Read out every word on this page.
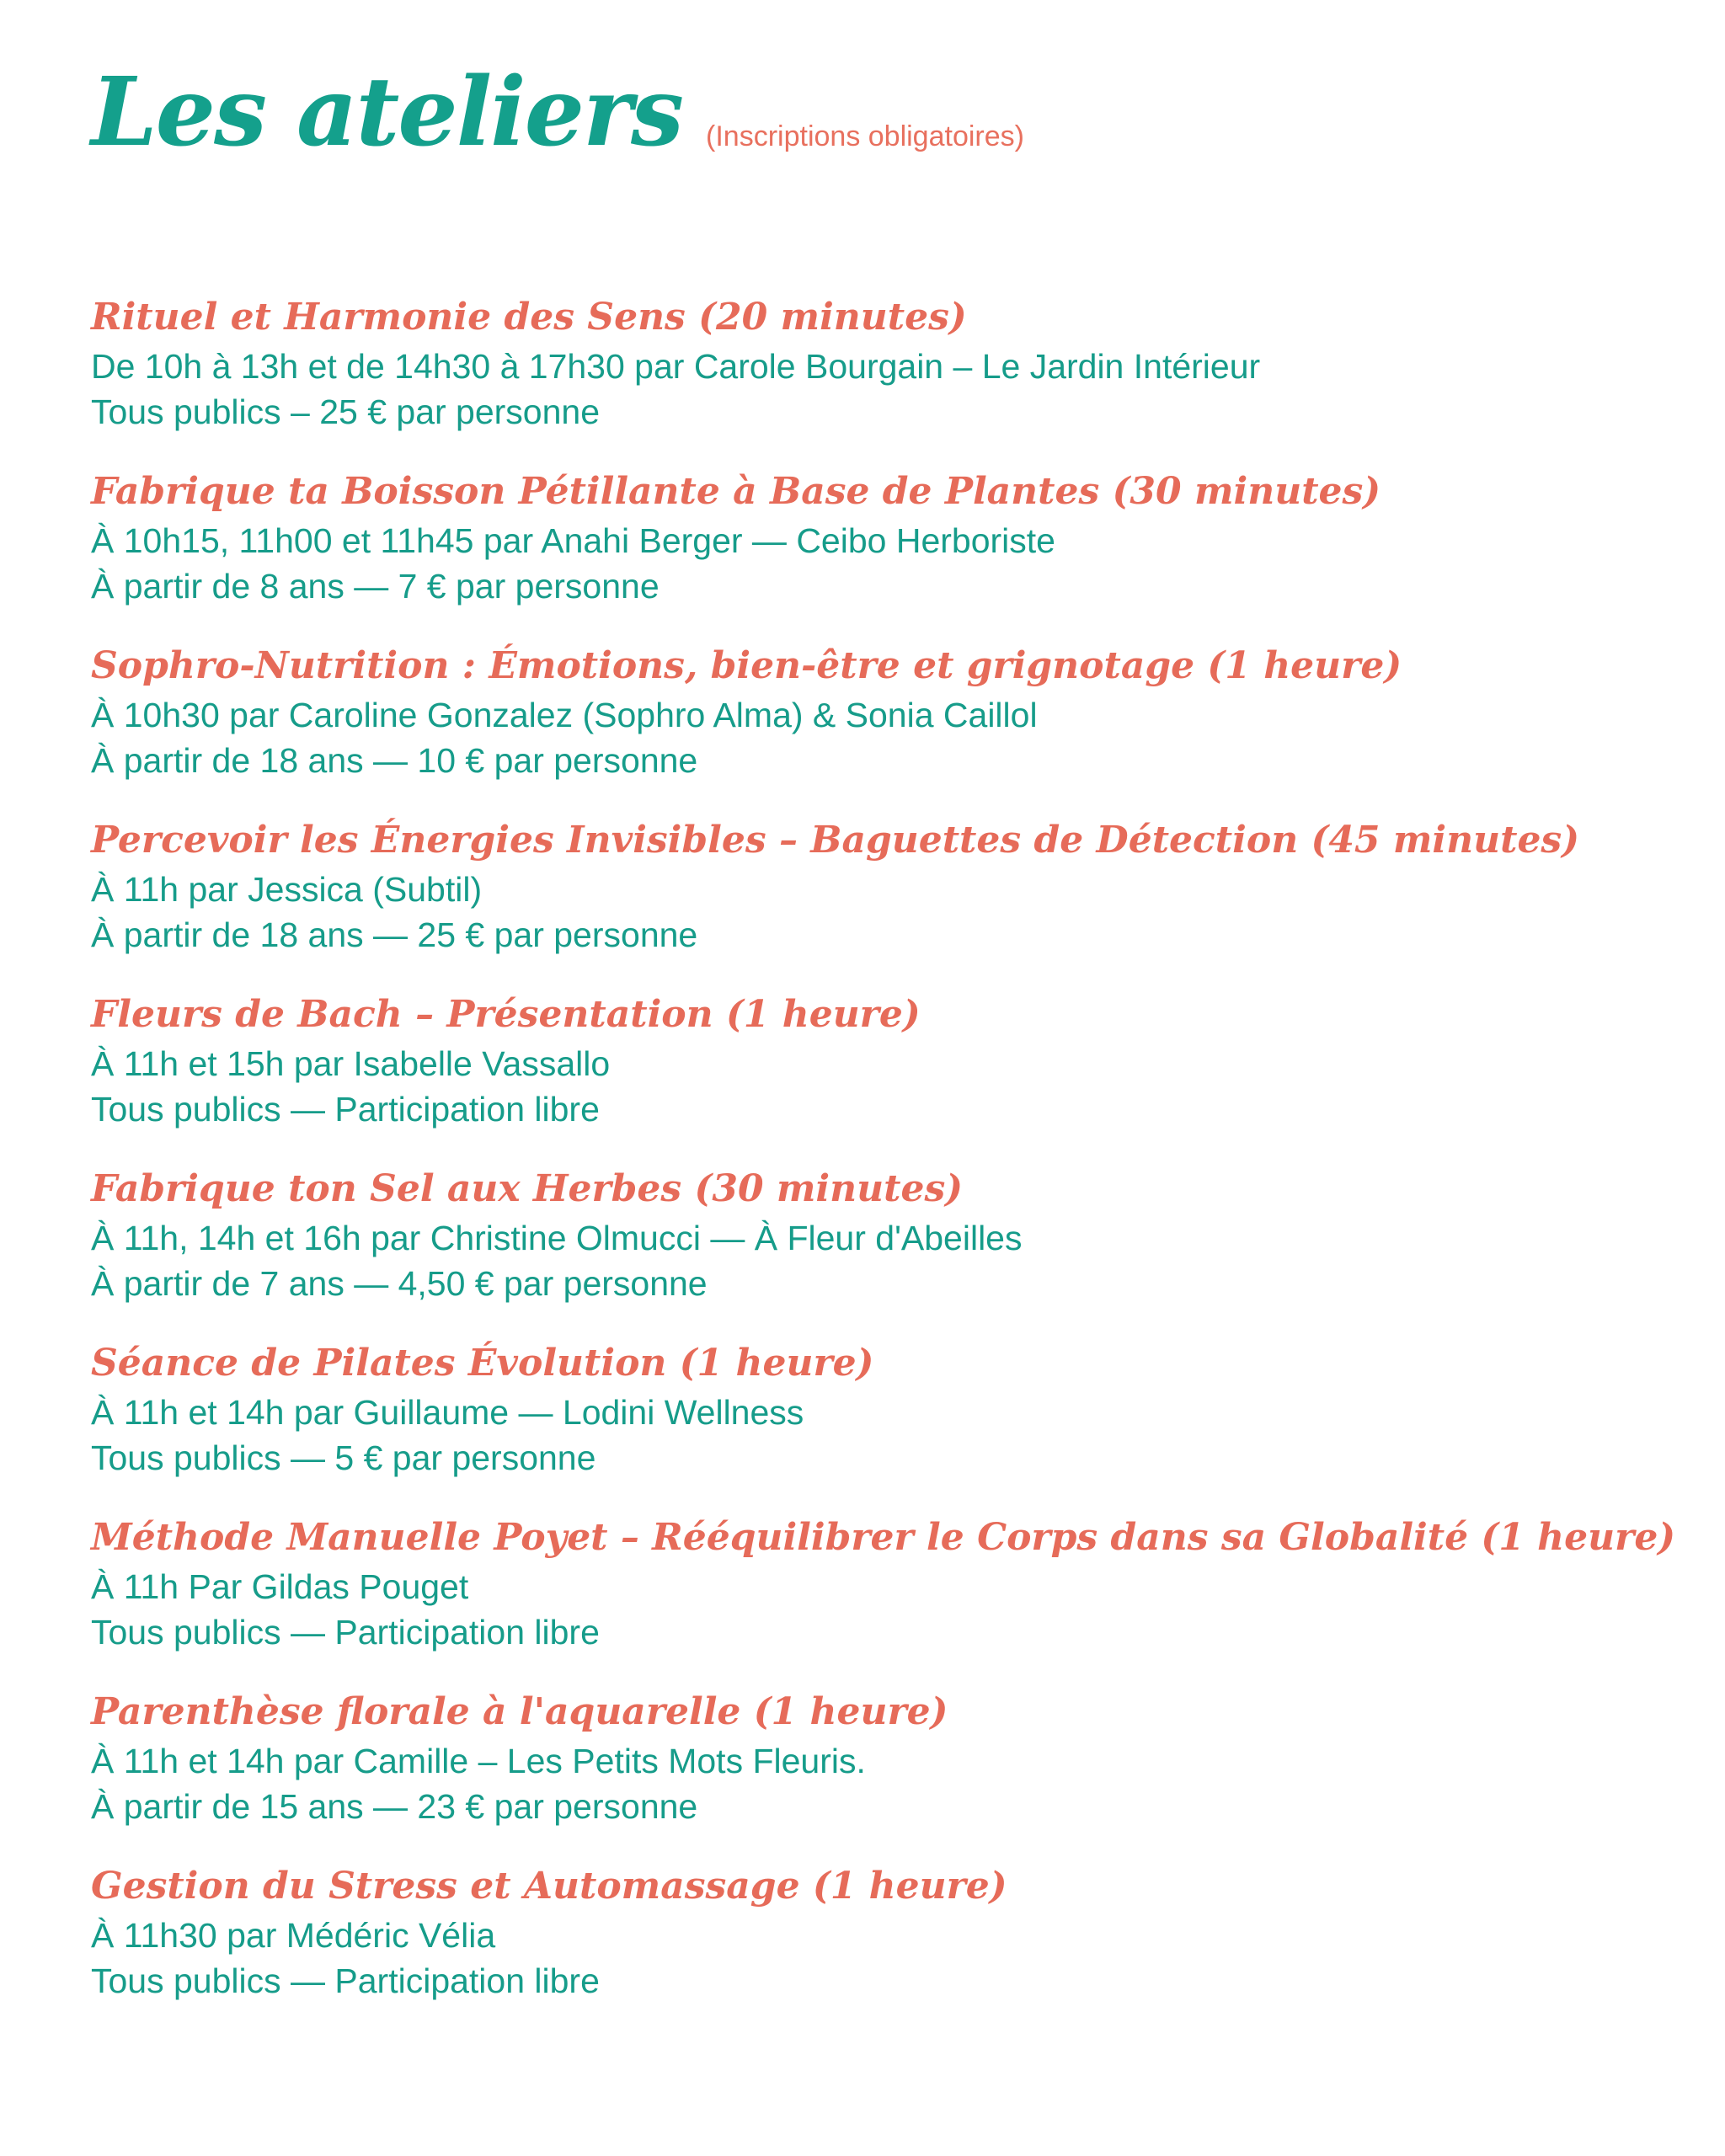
Les ateliers (Inscriptions obligatoires)
Rituel et Harmonie des Sens (20 minutes)
De 10h à 13h et de 14h30 à 17h30 par Carole Bourgain – Le Jardin Intérieur
Tous publics – 25 € par personne
Fabrique ta Boisson Pétillante à Base de Plantes (30 minutes)
À 10h15, 11h00 et 11h45 par Anahi Berger — Ceibo Herboriste
À partir de 8 ans — 7 € par personne
Sophro-Nutrition : Émotions, bien-être et grignotage (1 heure)
À 10h30 par Caroline Gonzalez (Sophro Alma) & Sonia Caillol
À partir de 18 ans — 10 € par personne
Percevoir les Énergies Invisibles – Baguettes de Détection (45 minutes)
À 11h par Jessica (Subtil)
À partir de 18 ans — 25 € par personne
Fleurs de Bach – Présentation (1 heure)
À 11h et 15h par Isabelle Vassallo
Tous publics — Participation libre
Fabrique ton Sel aux Herbes (30 minutes)
À 11h, 14h et 16h par Christine Olmucci — À Fleur d'Abeilles
À partir de 7 ans — 4,50 € par personne
Séance de Pilates Évolution (1 heure)
À 11h et 14h par Guillaume — Lodini Wellness
Tous publics — 5 € par personne
Méthode Manuelle Poyet – Rééquilibrer le Corps dans sa Globalité (1 heure)
À 11h Par Gildas Pouget
Tous publics — Participation libre
Parenthèse florale à l'aquarelle (1 heure)
À 11h et 14h par Camille – Les Petits Mots Fleuris.
À partir de 15 ans — 23 € par personne
Gestion du Stress et Automassage (1 heure)
À 11h30 par Médéric Vélia
Tous publics — Participation libre
